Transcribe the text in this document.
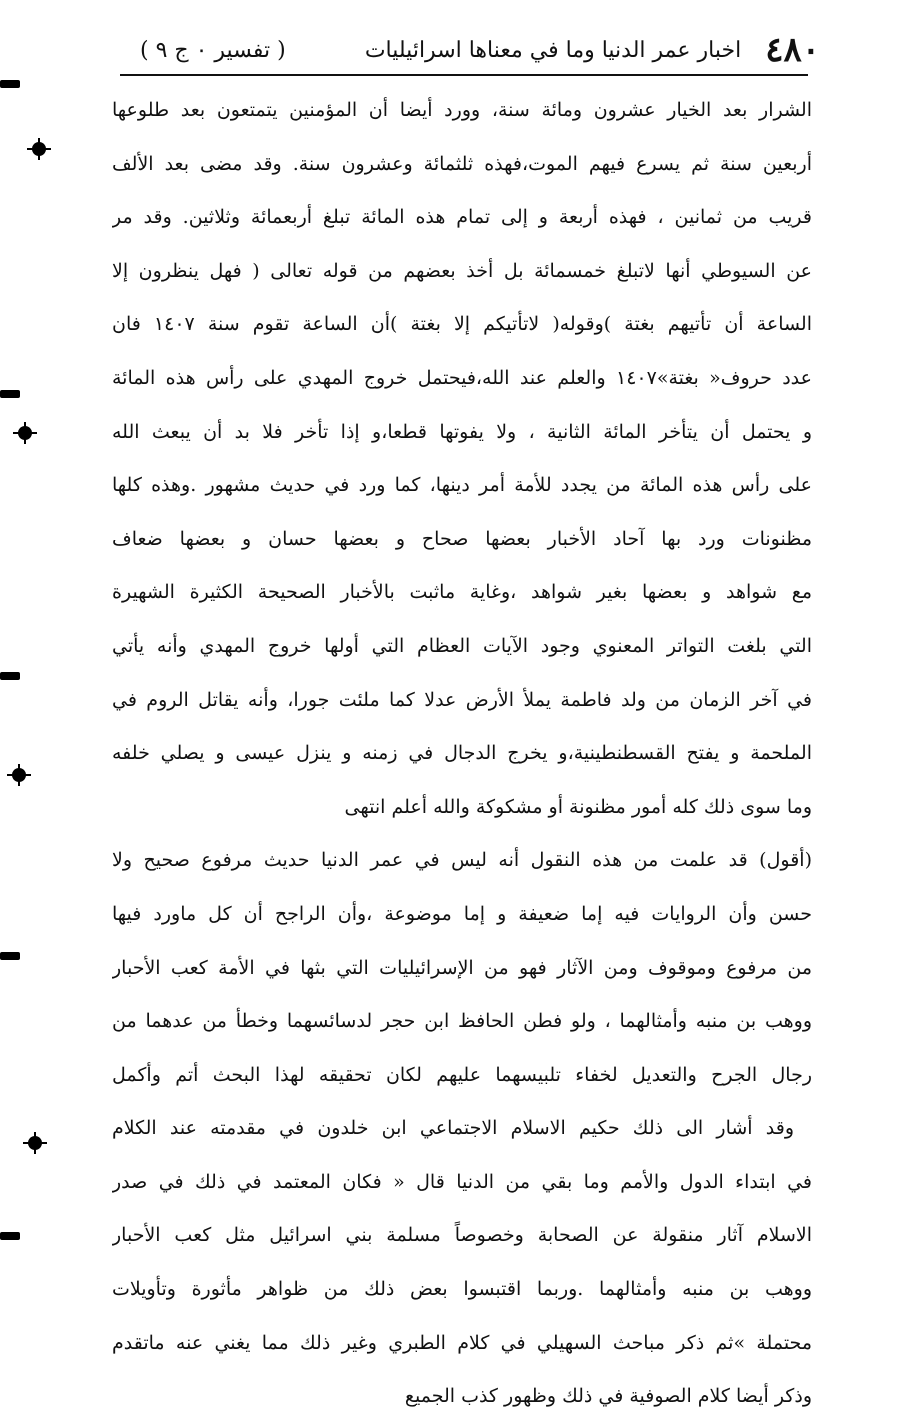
٤٨٠
اخبار عمر الدنيا وما في معناها اسرائيليات
( تفسير ٠ ج ٩ )
الشرار بعد الخيار عشرون ومائة سنة، وورد أيضا أن المؤمنين يتمتعون بعد طلوعها
أربعين سنة ثم يسرع فيهم الموت،فهذه ثلثمائة وعشرون سنة. وقد مضى بعد الألف
قريب من ثمانين ، فهذه أربعة و إلى تمام هذه المائة تبلغ أربعمائة وثلاثين. وقد مر
عن السيوطي أنها لاتبلغ خمسمائة بل أخذ بعضهم من قوله تعالى ( فهل ينظرون إلا
الساعة أن تأتيهم بغتة )وقوله( لاتأتيكم إلا بغتة )أن الساعة تقوم سنة ١٤٠٧ فان
عدد حروف« بغتة»١٤٠٧ والعلم عند الله،فيحتمل خروج المهدي على رأس هذه المائة
و يحتمل أن يتأخر المائة الثانية ، ولا يفوتها قطعا،و إذا تأخر فلا بد أن يبعث الله
على رأس هذه المائة من يجدد للأمة أمر دينها، كما ورد في حديث مشهور .وهذه كلها
مظنونات ورد بها آحاد الأخبار بعضها صحاح و بعضها حسان و بعضها ضعاف
مع شواهد و بعضها بغير شواهد ،وغاية ماثبت بالأخبار الصحيحة الكثيرة الشهيرة
التي بلغت التواتر المعنوي وجود الآيات العظام التي أولها خروج المهدي وأنه يأتي
في آخر الزمان من ولد فاطمة يملأ الأرض عدلا كما ملئت جورا، وأنه يقاتل الروم في
الملحمة و يفتح القسطنطينية،و يخرج الدجال في زمنه و ينزل عيسى و يصلي خلفه
وما سوى ذلك كله أمور مظنونة أو مشكوكة والله أعلم انتهى
(أقول) قد علمت من هذه النقول أنه ليس في عمر الدنيا حديث مرفوع صحيح ولا
حسن وأن الروايات فيه إما ضعيفة و إما موضوعة ،وأن الراجح أن كل ماورد فيها
من مرفوع وموقوف ومن الآثار فهو من الإسرائيليات التي بثها في الأمة كعب الأحبار
ووهب بن منبه وأمثالهما ، ولو فطن الحافظ ابن حجر لدسائسهما وخطأ من عدهما من
رجال الجرح والتعديل لخفاء تلبيسهما عليهم لكان تحقيقه لهذا البحث أتم وأكمل
وقد أشار الى ذلك حكيم الاسلام الاجتماعي ابن خلدون في مقدمته عند الكلام
في ابتداء الدول والأمم وما بقي من الدنيا قال « فكان المعتمد في ذلك في صدر
الاسلام آثار منقولة عن الصحابة وخصوصاً مسلمة بني اسرائيل مثل كعب الأحبار
ووهب بن منبه وأمثالهما .وربما اقتبسوا بعض ذلك من ظواهر مأثورة وتأويلات
محتملة »ثم ذكر مباحث السهيلي في كلام الطبري وغير ذلك مما يغني عنه ماتقدم
وذكر أيضا كلام الصوفية في ذلك وظهور كذب الجميع
